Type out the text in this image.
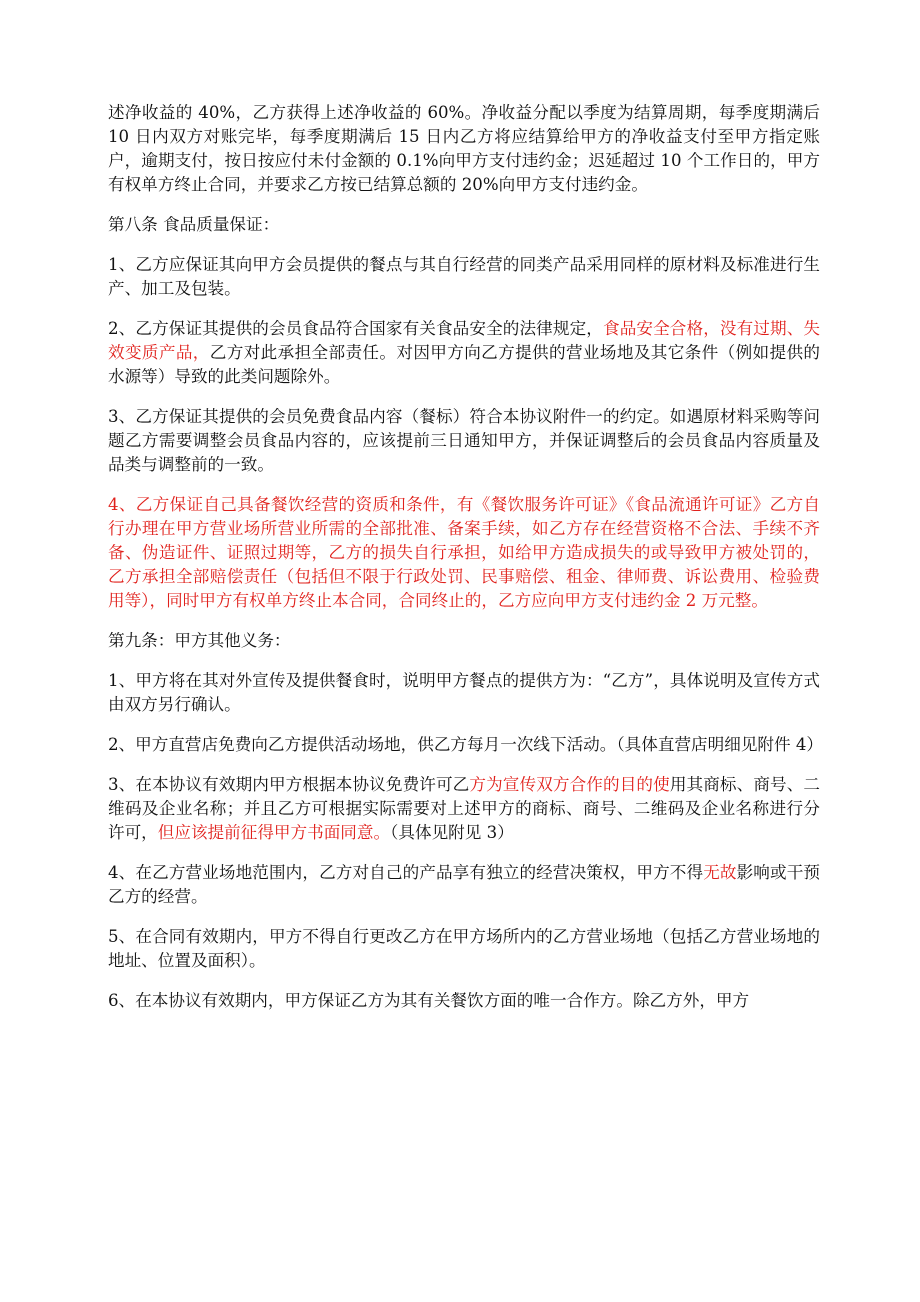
述净收益的 40%，乙方获得上述净收益的 60%。净收益分配以季度为结算周期，每季度期满后 10 日内双方对账完毕，每季度期满后 15 日内乙方将应结算给甲方的净收益支付至甲方指定账户，逾期支付，按日按应付未付金额的 0.1%向甲方支付违约金；迟延超过 10 个工作日的，甲方有权单方终止合同，并要求乙方按已结算总额的 20%向甲方支付违约金。

第八条 食品质量保证：

1、乙方应保证其向甲方会员提供的餐点与其自行经营的同类产品采用同样的原材料及标准进行生产、加工及包装。

2、乙方保证其提供的会员食品符合国家有关食品安全的法律规定，食品安全合格，没有过期、失效变质产品，乙方对此承担全部责任。对因甲方向乙方提供的营业场地及其它条件（例如提供的水源等）导致的此类问题除外。

3、乙方保证其提供的会员免费食品内容（餐标）符合本协议附件一的约定。如遇原材料采购等问题乙方需要调整会员食品内容的，应该提前三日通知甲方，并保证调整后的会员食品内容质量及品类与调整前的一致。

4、乙方保证自己具备餐饮经营的资质和条件，有《餐饮服务许可证》《食品流通许可证》乙方自行办理在甲方营业场所营业所需的全部批准、备案手续，如乙方存在经营资格不合法、手续不齐备、伪造证件、证照过期等，乙方的损失自行承担，如给甲方造成损失的或导致甲方被处罚的，乙方承担全部赔偿责任（包括但不限于行政处罚、民事赔偿、租金、律师费、诉讼费用、检验费用等），同时甲方有权单方终止本合同，合同终止的，乙方应向甲方支付违约金 2 万元整。

第九条：甲方其他义务：

1、甲方将在其对外宣传及提供餐食时，说明甲方餐点的提供方为：“乙方”，具体说明及宣传方式由双方另行确认。

2、甲方直营店免费向乙方提供活动场地，供乙方每月一次线下活动。（具体直营店明细见附件 4）

3、在本协议有效期内甲方根据本协议免费许可乙方为宣传双方合作的目的使用其商标、商号、二维码及企业名称；并且乙方可根据实际需要对上述甲方的商标、商号、二维码及企业名称进行分许可，但应该提前征得甲方书面同意。（具体见附见 3）

4、在乙方营业场地范围内，乙方对自己的产品享有独立的经营决策权，甲方不得无故影响或干预乙方的经营。

5、在合同有效期内，甲方不得自行更改乙方在甲方场所内的乙方营业场地（包括乙方营业场地的地址、位置及面积）。

6、在本协议有效期内，甲方保证乙方为其有关餐饮方面的唯一合作方。除乙方外，甲方
